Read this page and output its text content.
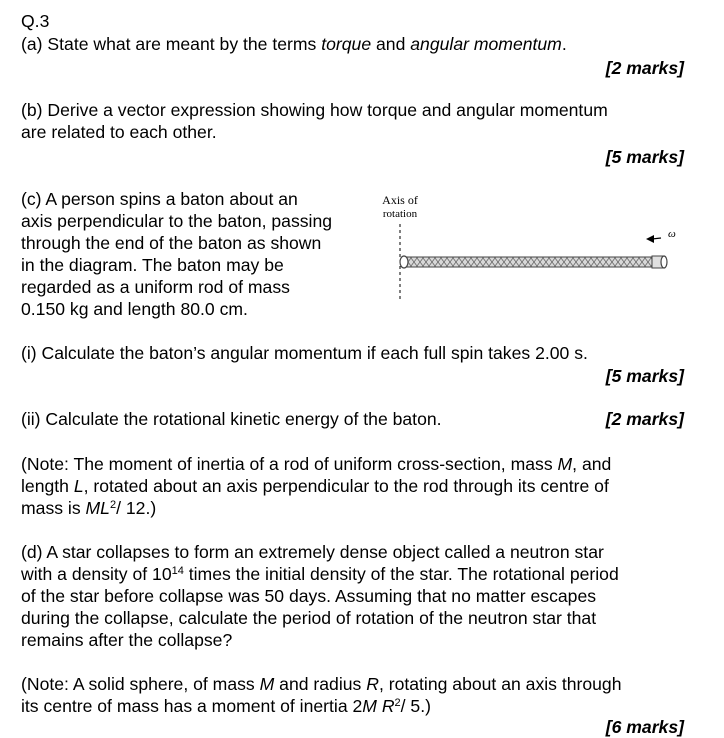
Q.3
(a) State what are meant by the terms torque and angular momentum.
[2 marks]
(b) Derive a vector expression showing how torque and angular momentum
are related to each other.
[5 marks]
(c) A person spins a baton about an
axis perpendicular to the baton, passing
through the end of the baton as shown
in the diagram. The baton may be
regarded as a uniform rod of mass
0.150 kg and length 80.0 cm.
Axis of
rotation
ω
(i) Calculate the baton’s angular momentum if each full spin takes 2.00 s.
[5 marks]
(ii) Calculate the rotational kinetic energy of the baton.	[2 marks]
(Note: The moment of inertia of a rod of uniform cross-section, mass M, and
length L, rotated about an axis perpendicular to the rod through its centre of
mass is $ML^2/$ 12.)
(d) A star collapses to form an extremely dense object called a neutron star
with a density of $10^{14}$ times the initial density of the star. The rotational period
of the star before collapse was 50 days. Assuming that no matter escapes
during the collapse, calculate the period of rotation of the neutron star that
remains after the collapse?
(Note: A solid sphere, of mass M and radius R, rotating about an axis through
its centre of mass has a moment of inertia 2M $R^2/$ 5.)
[6 marks]
